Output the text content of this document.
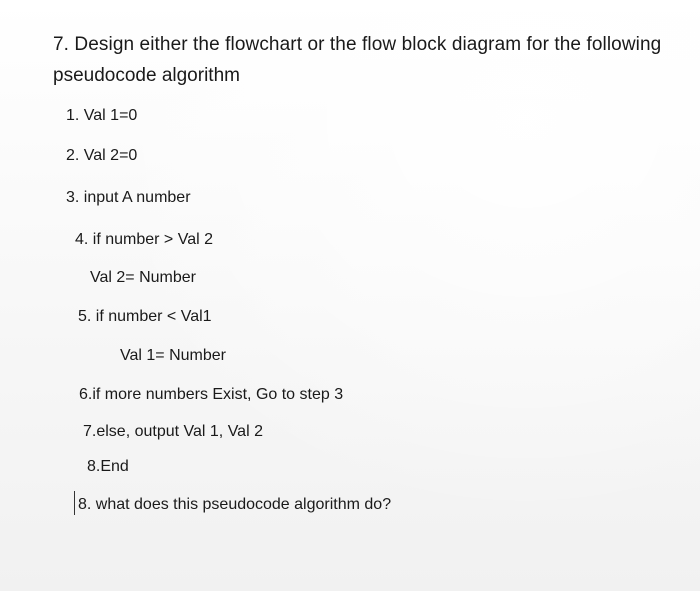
7. Design either the flowchart or the flow block diagram for the following
pseudocode algorithm
1. Val 1=0
2. Val 2=0
3. input A number
4. if number > Val 2
Val 2= Number
5. if number < Val1
Val 1= Number
6.if more numbers Exist, Go to step 3
7.else, output Val 1, Val 2
8.End
8. what does this pseudocode algorithm do?
